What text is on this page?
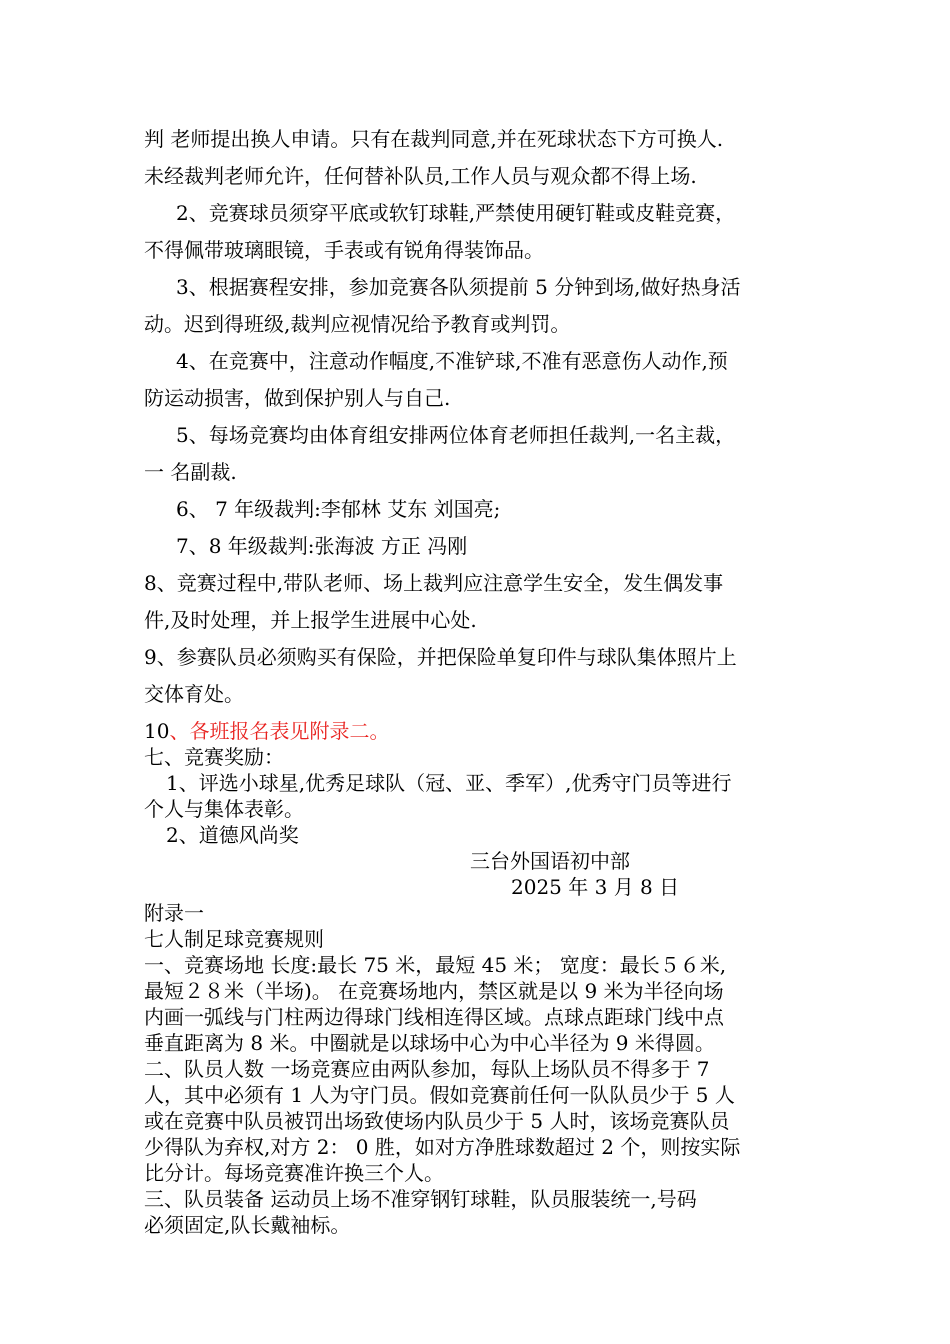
判 老师提出换人申请。只有在裁判同意,并在死球状态下方可换人.
未经裁判老师允许，任何替补队员,工作人员与观众都不得上场.
2、竞赛球员须穿平底或软钉球鞋,严禁使用硬钉鞋或皮鞋竞赛，
不得佩带玻璃眼镜，手表或有锐角得装饰品。
3、根据赛程安排，参加竞赛各队须提前 5 分钟到场,做好热身活
动。迟到得班级,裁判应视情况给予教育或判罚。
4、在竞赛中，注意动作幅度,不准铲球,不准有恶意伤人动作,预
防运动损害，做到保护别人与自己.
5、每场竞赛均由体育组安排两位体育老师担任裁判,一名主裁，
一 名副裁.
6、 7 年级裁判:李郁林 艾东 刘国亮;
7、8 年级裁判:张海波 方正 冯刚
8、竞赛过程中,带队老师、场上裁判应注意学生安全，发生偶发事
件,及时处理，并上报学生进展中心处.
9、参赛队员必须购买有保险，并把保险单复印件与球队集体照片上
交体育处。
10、各班报名表见附录二。
七、竞赛奖励：
1、评选小球星,优秀足球队（冠、亚、季军）,优秀守门员等进行
个人与集体表彰。
2、道德风尚奖
三台外国语初中部
2025 年 3 月 8 日
附录一
七人制足球竞赛规则
一、竞赛场地 长度:最长 75 米，最短 45 米； 宽度：最长５６米,
最短２８米（半场)。 在竞赛场地内，禁区就是以 9 米为半径向场
内画一弧线与门柱两边得球门线相连得区域。点球点距球门线中点
垂直距离为 8 米。中圈就是以球场中心为中心半径为 9 米得圆。
二、队员人数 一场竞赛应由两队参加，每队上场队员不得多于 7
人，其中必须有 1 人为守门员。假如竞赛前任何一队队员少于 5 人
或在竞赛中队员被罚出场致使场内队员少于 5 人时，该场竞赛队员
少得队为弃权,对方 2： 0 胜，如对方净胜球数超过 2 个，则按实际
比分计。每场竞赛准许换三个人。
三、队员装备 运动员上场不准穿钢钉球鞋，队员服装统一,号码
必须固定,队长戴袖标。
